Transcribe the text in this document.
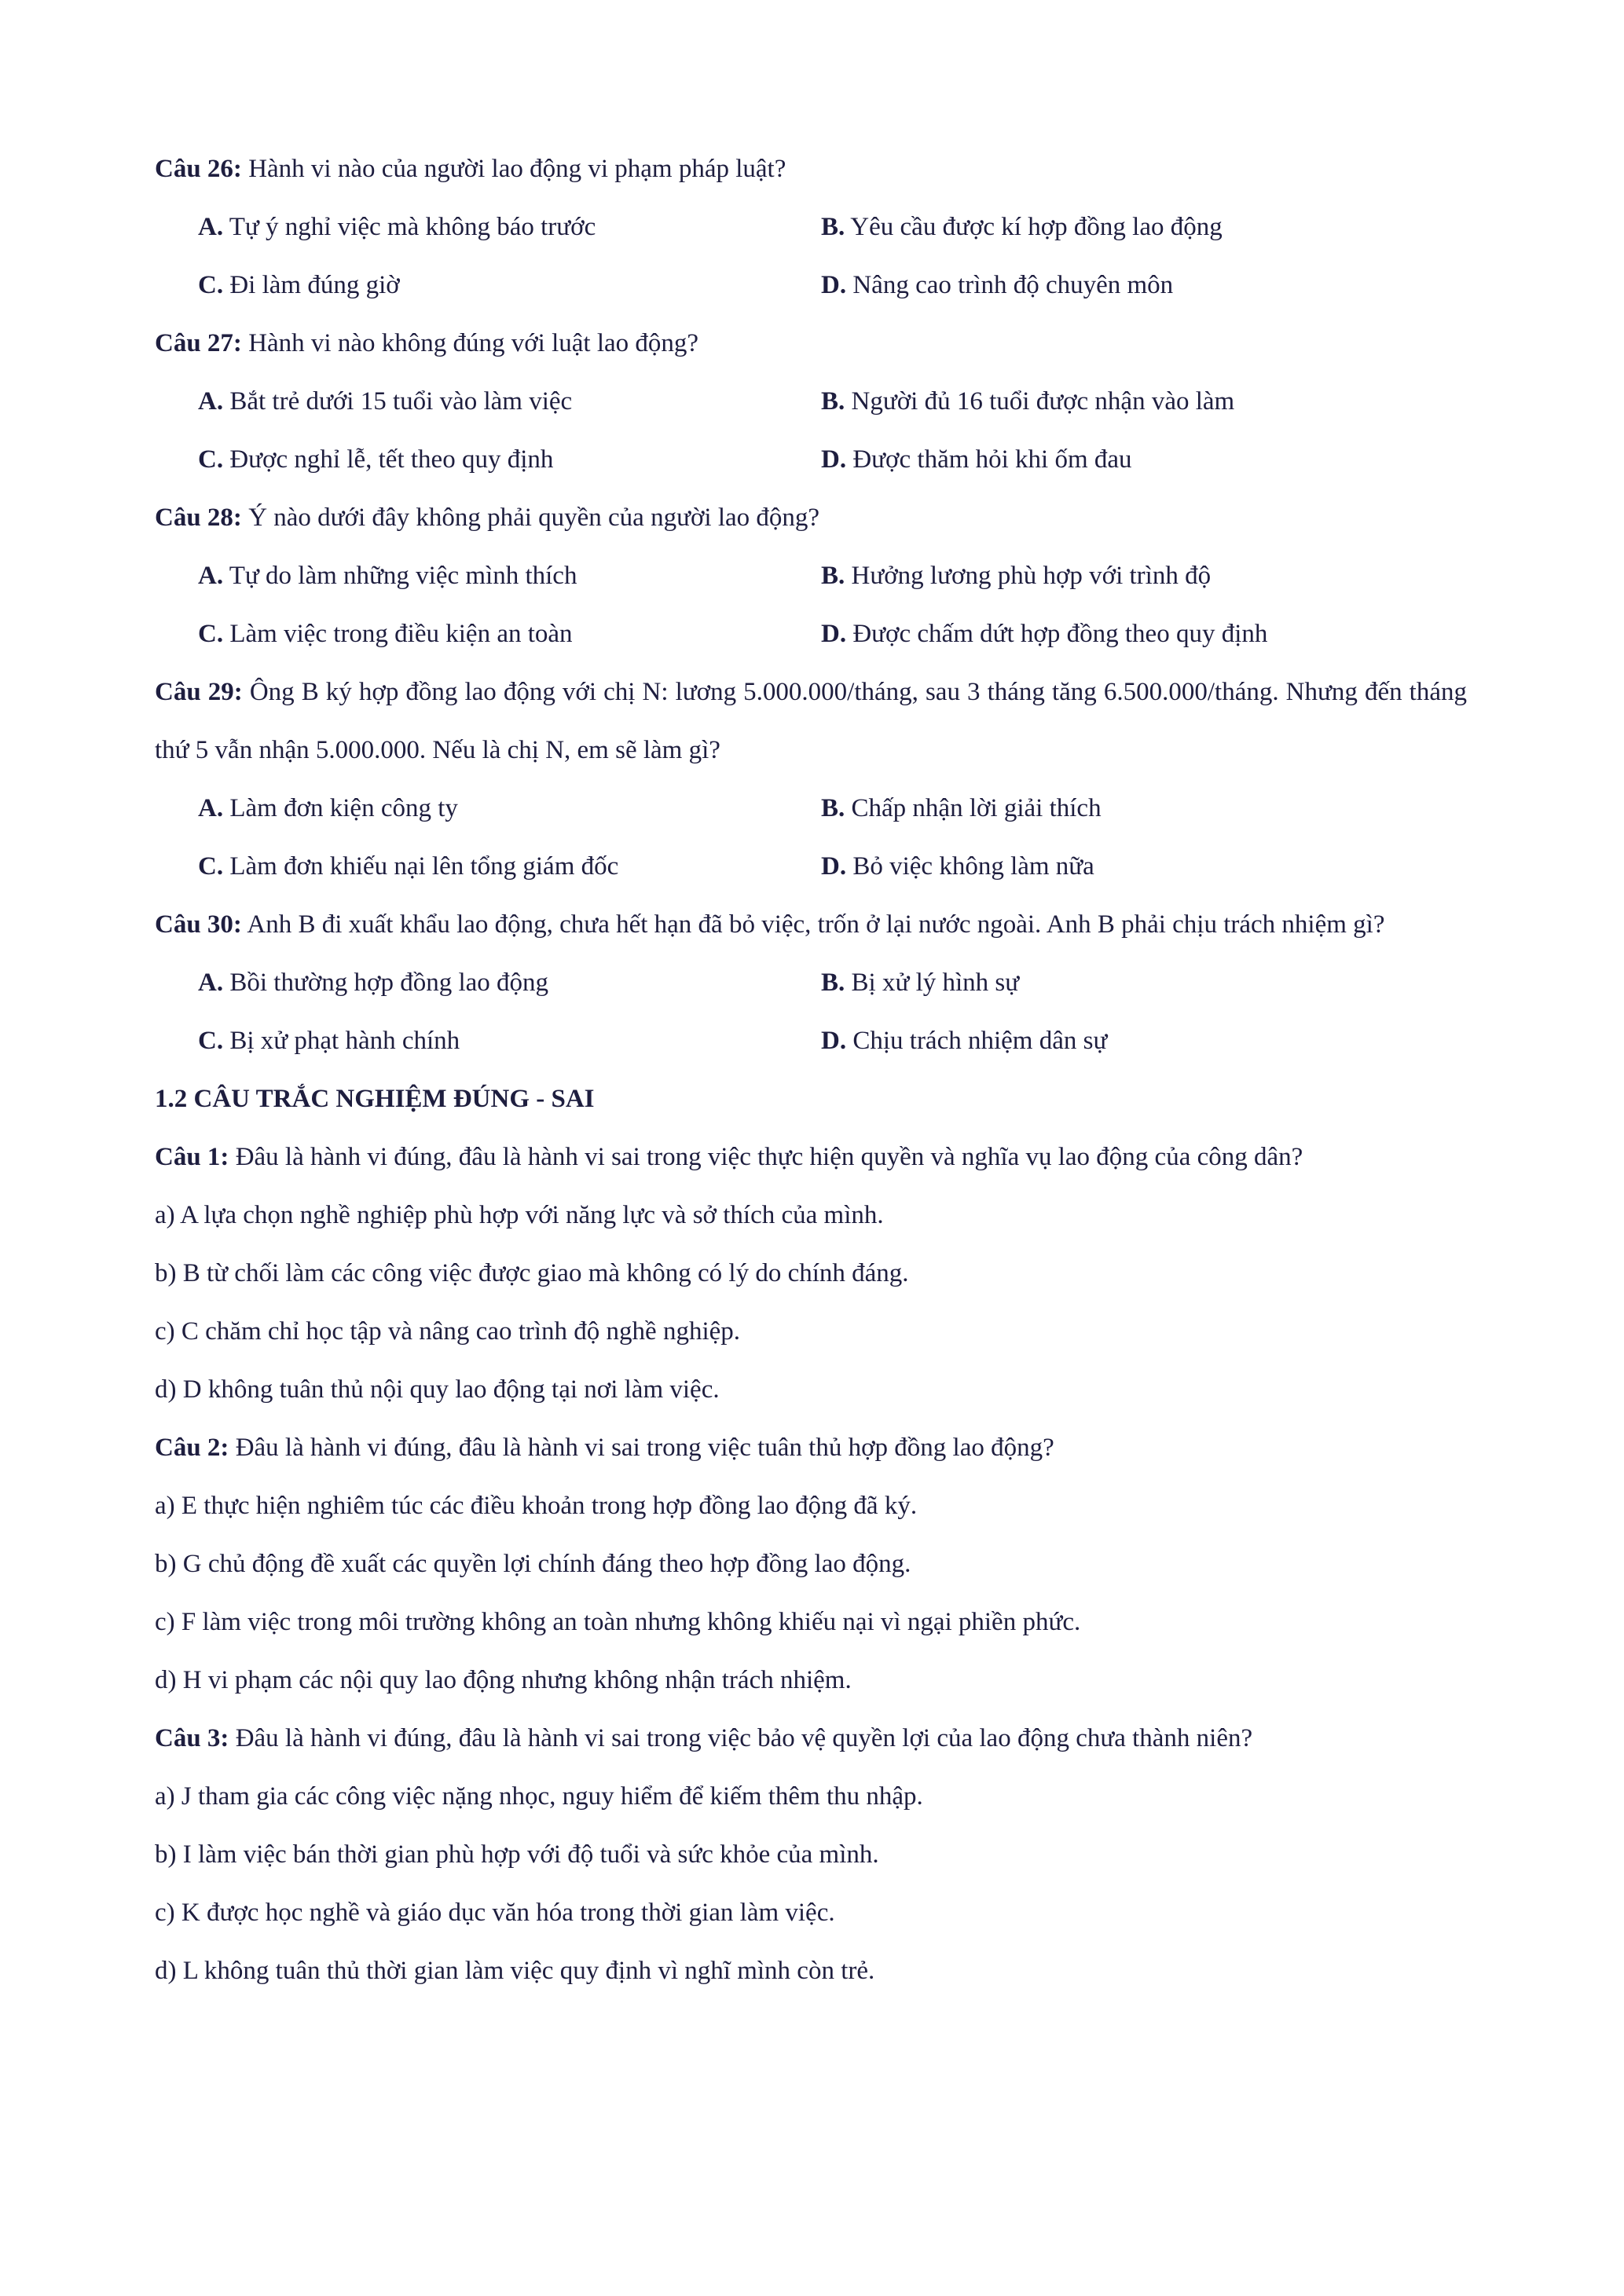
Câu 26: Hành vi nào của người lao động vi phạm pháp luật?

A. Tự ý nghỉ việc mà không báo trước	B. Yêu cầu được kí hợp đồng lao động
C. Đi làm đúng giờ	D. Nâng cao trình độ chuyên môn

Câu 27: Hành vi nào không đúng với luật lao động?

A. Bắt trẻ dưới 15 tuổi vào làm việc	B. Người đủ 16 tuổi được nhận vào làm
C. Được nghỉ lễ, tết theo quy định	D. Được thăm hỏi khi ốm đau

Câu 28: Ý nào dưới đây không phải quyền của người lao động?

A. Tự do làm những việc mình thích	B. Hưởng lương phù hợp với trình độ
C. Làm việc trong điều kiện an toàn	D. Được chấm dứt hợp đồng theo quy định

Câu 29: Ông B ký hợp đồng lao động với chị N: lương 5.000.000/tháng, sau 3 tháng tăng 6.500.000/tháng. Nhưng đến tháng thứ 5 vẫn nhận 5.000.000. Nếu là chị N, em sẽ làm gì?

A. Làm đơn kiện công ty	B. Chấp nhận lời giải thích
C. Làm đơn khiếu nại lên tổng giám đốc	D. Bỏ việc không làm nữa

Câu 30: Anh B đi xuất khẩu lao động, chưa hết hạn đã bỏ việc, trốn ở lại nước ngoài. Anh B phải chịu trách nhiệm gì?

A. Bồi thường hợp đồng lao động	B. Bị xử lý hình sự
C. Bị xử phạt hành chính	D. Chịu trách nhiệm dân sự

1.2 CÂU TRẮC NGHIỆM ĐÚNG - SAI

Câu 1: Đâu là hành vi đúng, đâu là hành vi sai trong việc thực hiện quyền và nghĩa vụ lao động của công dân?

a) A lựa chọn nghề nghiệp phù hợp với năng lực và sở thích của mình.

b) B từ chối làm các công việc được giao mà không có lý do chính đáng.

c) C chăm chỉ học tập và nâng cao trình độ nghề nghiệp.

d) D không tuân thủ nội quy lao động tại nơi làm việc.

Câu 2: Đâu là hành vi đúng, đâu là hành vi sai trong việc tuân thủ hợp đồng lao động?

a) E thực hiện nghiêm túc các điều khoản trong hợp đồng lao động đã ký.

b) G chủ động đề xuất các quyền lợi chính đáng theo hợp đồng lao động.

c) F làm việc trong môi trường không an toàn nhưng không khiếu nại vì ngại phiền phức.

d) H vi phạm các nội quy lao động nhưng không nhận trách nhiệm.

Câu 3: Đâu là hành vi đúng, đâu là hành vi sai trong việc bảo vệ quyền lợi của lao động chưa thành niên?

a) J tham gia các công việc nặng nhọc, nguy hiểm để kiếm thêm thu nhập.

b) I làm việc bán thời gian phù hợp với độ tuổi và sức khỏe của mình.

c) K được học nghề và giáo dục văn hóa trong thời gian làm việc.

d) L không tuân thủ thời gian làm việc quy định vì nghĩ mình còn trẻ.
